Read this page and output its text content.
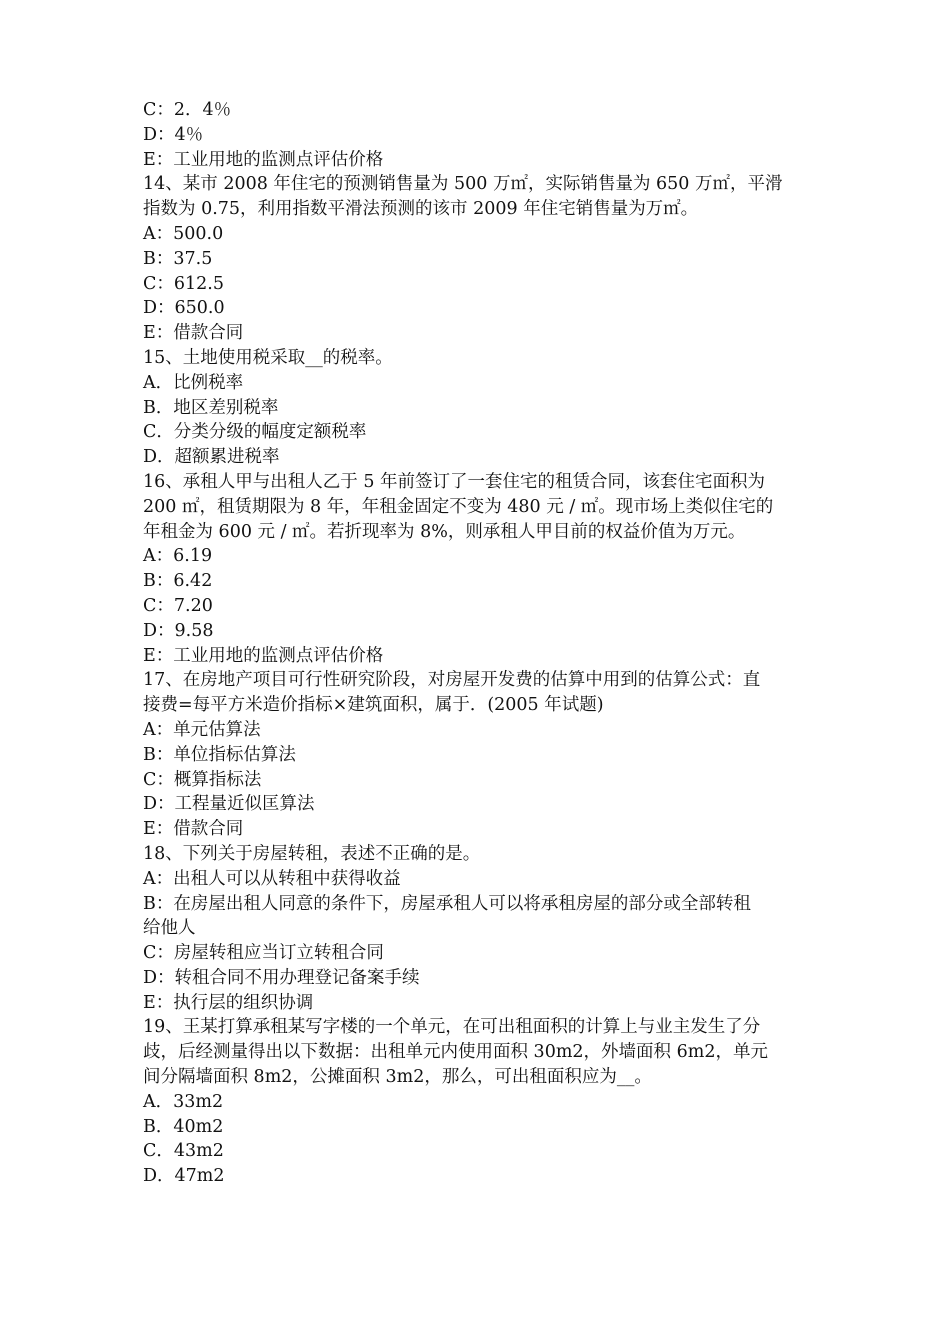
C：2．4％
D：4％
E：工业用地的监测点评估价格
14、某市 2008 年住宅的预测销售量为 500 万㎡，实际销售量为 650 万㎡，平滑
指数为 0.75，利用指数平滑法预测的该市 2009 年住宅销售量为万㎡。
A：500.0
B：37.5
C：612.5
D：650.0
E：借款合同
15、土地使用税采取__的税率。
A．比例税率
B．地区差别税率
C．分类分级的幅度定额税率
D．超额累进税率
16、承租人甲与出租人乙于 5 年前签订了一套住宅的租赁合同，该套住宅面积为
200 ㎡，租赁期限为 8 年，年租金固定不变为 480 元 / ㎡。现市场上类似住宅的
年租金为 600 元 / ㎡。若折现率为 8%，则承租人甲目前的权益价值为万元。
A：6.19
B：6.42
C：7.20
D：9.58
E：工业用地的监测点评估价格
17、在房地产项目可行性研究阶段，对房屋开发费的估算中用到的估算公式：直
接费=每平方米造价指标×建筑面积，属于．(2005 年试题)
A：单元估算法
B：单位指标估算法
C：概算指标法
D：工程量近似匡算法
E：借款合同
18、下列关于房屋转租，表述不正确的是。
A：出租人可以从转租中获得收益
B：在房屋出租人同意的条件下，房屋承租人可以将承租房屋的部分或全部转租
给他人
C：房屋转租应当订立转租合同
D：转租合同不用办理登记备案手续
E：执行层的组织协调
19、王某打算承租某写字楼的一个单元，在可出租面积的计算上与业主发生了分
歧，后经测量得出以下数据：出租单元内使用面积 30m2，外墙面积 6m2，单元
间分隔墙面积 8m2，公摊面积 3m2，那么，可出租面积应为__。
A．33m2
B．40m2
C．43m2
D．47m2
